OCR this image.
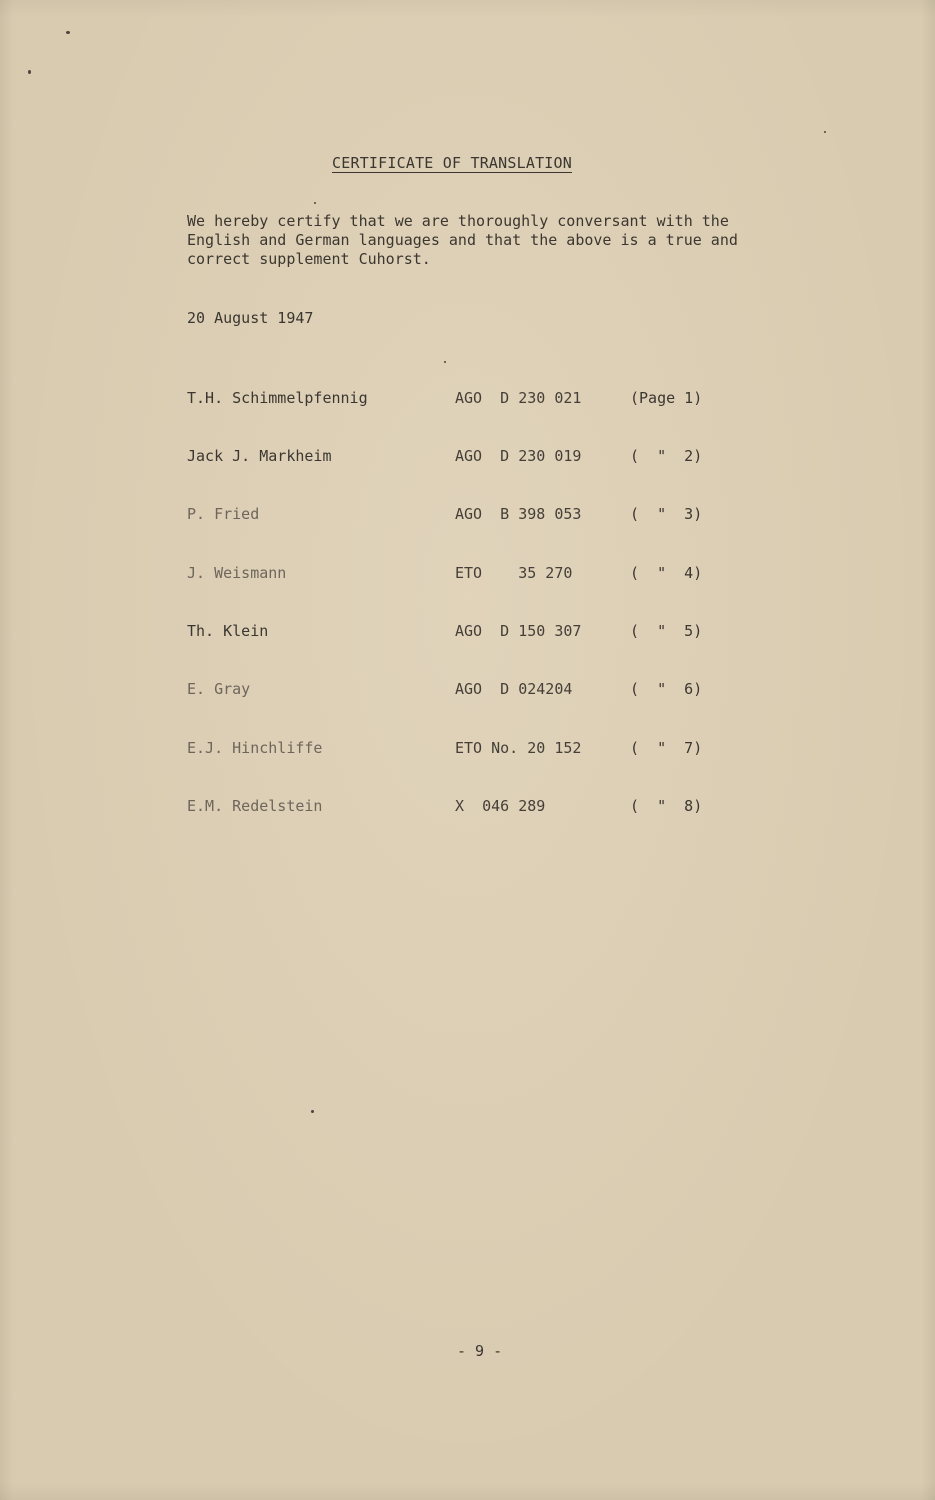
CERTIFICATE OF TRANSLATION
We hereby certify that we are thoroughly conversant with the
English and German languages and that the above is a true and
correct supplement Cuhorst.
20 August 1947
T.H. Schimmelpfennig	AGO  D 230 021	(Page 1)
Jack J. Markheim	AGO  D 230 019	(  "  2)
P. Fried	AGO  B 398 053	(  "  3)
J. Weismann	ETO    35 270	(  "  4)
Th. Klein	AGO  D 150 307	(  "  5)
E. Gray	AGO  D 024204	(  "  6)
E.J. Hinchliffe	ETO No. 20 152	(  "  7)
E.M. Redelstein	X  046 289	(  "  8)
- 9 -
